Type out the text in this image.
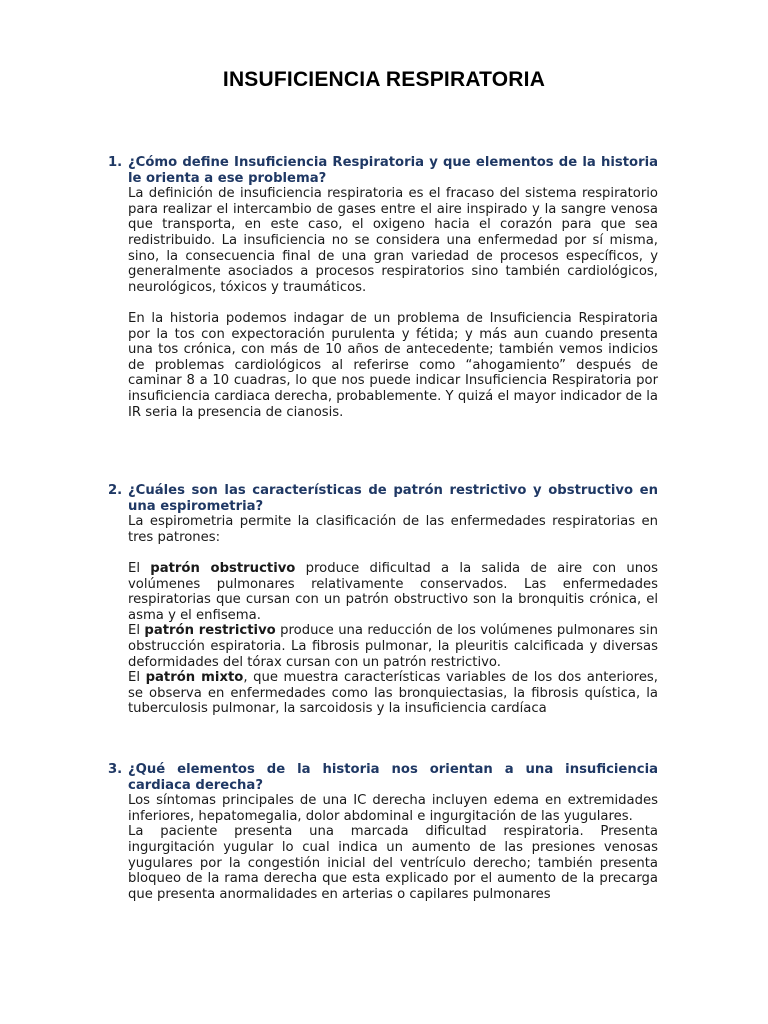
INSUFICIENCIA RESPIRATORIA
1. ¿Cómo define Insuficiencia Respiratoria y que elementos de la historia le orienta a ese problema?

La definición de insuficiencia respiratoria es el fracaso del sistema respiratorio para realizar el intercambio de gases entre el aire inspirado y la sangre venosa que transporta, en este caso, el oxigeno hacia el corazón para que sea redistribuido. La insuficiencia no se considera una enfermedad por sí misma, sino, la consecuencia final de una gran variedad de procesos específicos, y generalmente asociados a procesos respiratorios sino también cardiológicos, neurológicos, tóxicos y traumáticos.

En la historia podemos indagar de un problema de Insuficiencia Respiratoria por la tos con expectoración purulenta y fétida; y más aun cuando presenta una tos crónica, con más de 10 años de antecedente; también vemos indicios de problemas cardiológicos al referirse como “ahogamiento” después de caminar 8 a 10 cuadras, lo que nos puede indicar Insuficiencia Respiratoria por insuficiencia cardiaca derecha, probablemente. Y quizá el mayor indicador de la IR seria la presencia de cianosis.

2. ¿Cuáles son las características de patrón restrictivo y obstructivo en una espirometria?

La espirometria permite la clasificación de las enfermedades respiratorias en tres patrones:

El patrón obstructivo produce dificultad a la salida de aire con unos volúmenes pulmonares relativamente conservados. Las enfermedades respiratorias que cursan con un patrón obstructivo son la bronquitis crónica, el asma y el enfisema.

El patrón restrictivo produce una reducción de los volúmenes pulmonares sin obstrucción espiratoria. La fibrosis pulmonar, la pleuritis calcificada y diversas deformidades del tórax cursan con un patrón restrictivo.

El patrón mixto, que muestra características variables de los dos anteriores, se observa en enfermedades como las bronquiectasias, la fibrosis quística, la tuberculosis pulmonar, la sarcoidosis y la insuficiencia cardíaca

3. ¿Qué elementos de la historia nos orientan a una insuficiencia cardiaca derecha?

Los síntomas principales de una IC derecha incluyen edema en extremidades inferiores, hepatomegalia, dolor abdominal e ingurgitación de las yugulares.

La paciente presenta una marcada dificultad respiratoria. Presenta ingurgitación yugular lo cual indica un aumento de las presiones venosas yugulares por la congestión inicial del ventrículo derecho; también presenta bloqueo de la rama derecha que esta explicado por el aumento de la precarga que presenta anormalidades en arterias o capilares pulmonares
